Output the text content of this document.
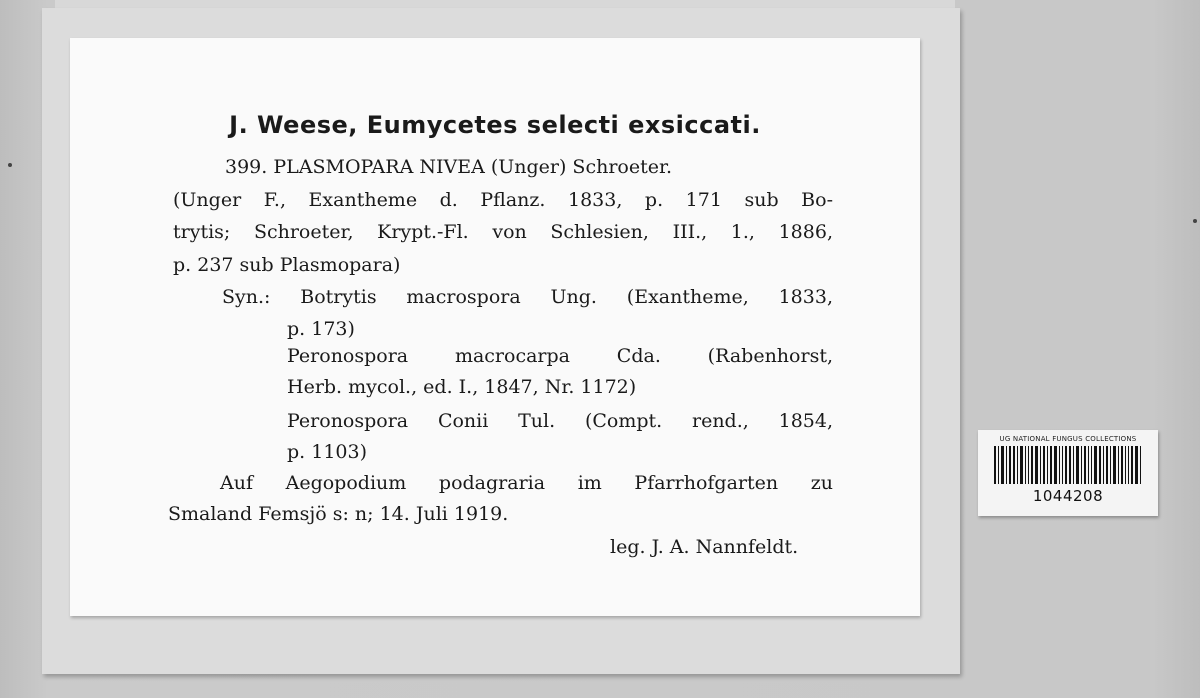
J. Weese, Eumycetes selecti exsiccati.
399. PLASMOPARA NIVEA (Unger) Schroeter.
(Unger F., Exantheme d. Pflanz. 1833, p. 171 sub Bo-
trytis; Schroeter, Krypt.-Fl. von Schlesien, III., 1., 1886,
p. 237 sub Plasmopara)
Syn.: Botrytis macrospora Ung. (Exantheme, 1833,
p. 173)
Peronospora macrocarpa Cda. (Rabenhorst,
Herb. mycol., ed. I., 1847, Nr. 1172)
Peronospora Conii Tul. (Compt. rend., 1854,
p. 1103)
Auf Aegopodium podagraria im Pfarrhofgarten zu
Smaland Femsjö s: n; 14. Juli 1919.
leg. J. A. Nannfeldt.
UG NATIONAL FUNGUS COLLECTIONS
1044208
